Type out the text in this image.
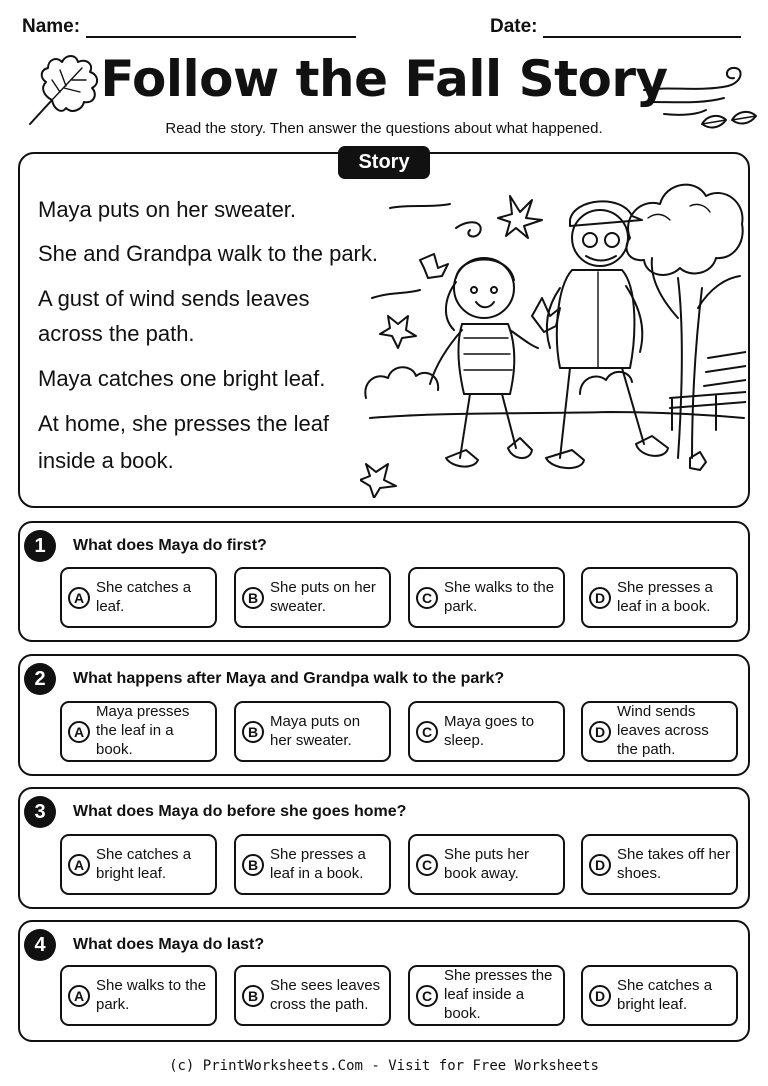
Name:	Date:
Follow the Fall Story
Read the story. Then answer the questions about what happened.
Story
Maya puts on her sweater.
She and Grandpa walk to the park.
A gust of wind sends leaves
across the path.
Maya catches one bright leaf.
At home, she presses the leaf
inside a book.
1	What does Maya do first?
A
She catches a leaf.	B
She puts on her sweater.	C
She walks to the park.	D
She presses a leaf in a book.
2	What happens after Maya and Grandpa walk to the park?
A
Maya presses the leaf in a book.
B
Maya puts on her sweater.	C
Maya goes to sleep.	D
Wind sends leaves across the path.
3	What does Maya do before she goes home?
A
She catches a bright leaf.	B
She presses a leaf in a book.	C
She puts her book away.	D
She takes off her shoes.
4	What does Maya do last?
A
She walks to the park.	B
She sees leaves cross the path.	C
She presses the leaf inside a book.
D
She catches a bright leaf.
(c) PrintWorksheets.Com - Visit for Free Worksheets
